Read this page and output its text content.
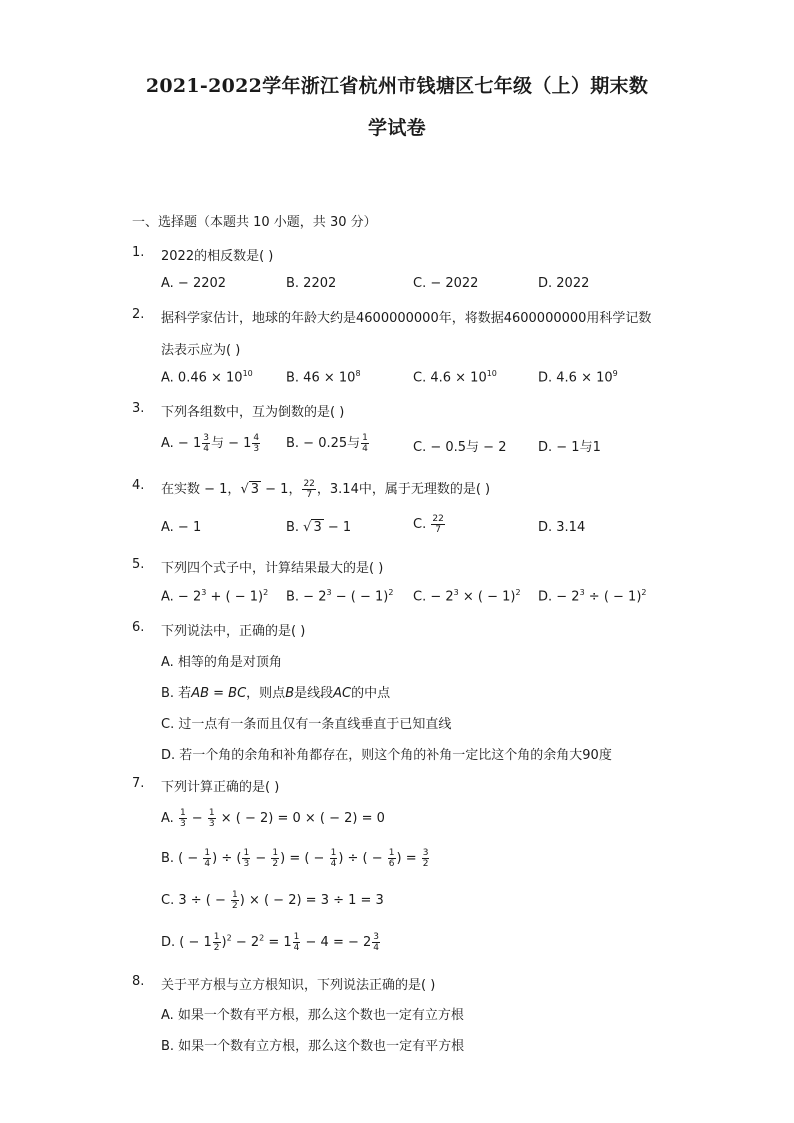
2021-2022学年浙江省杭州市钱塘区七年级（上）期末数
学试卷
一、选择题（本题共 10 小题，共 30 分）
1.	2022的相反数是( )
A. − 2202	B. 2202	C. − 2022	D. 2022
2.	据科学家估计，地球的年龄大约是4600000000年，将数据4600000000用科学记数
法表示应为( )
A. $0.46 \times 10^{10}$	B. $46 \times 10^8$	C. $4.6 \times 10^{10}$	D. $4.6 \times 10^9$
3.	下列各组数中，互为倒数的是( )
A. − $1 \frac{3}{4}$ 与 − $1 \frac{4}{3} B$. − 0.25与 $\frac{1}{4}$	C. − 0.5与 − 2 D. − 1与1
4.	在实数 − 1，√ 3 − 1， $\frac{22}{7}$ ，3.14中，属于无理数的是( )
A. − 1	B. √ 3 − 1	C. $\frac{22}{7}$	D. 3.14
5.	下列四个式子中，计算结果最大的是( )
A. − $2^3$ + ( − 1)$^2$ B. − $2^3$ − ( − 1)$^2$ C. − $2^3$ × ( − 1)$^2$ D. − $2^3$ ÷ ( − 1)$^2$
6.	下列说法中，正确的是( )
A. 相等的角是对顶角
B. 若AB = BC，则点B是线段AC的中点
C. 过一点有一条而且仅有一条直线垂直于已知直线
D. 若一个角的余角和补角都存在，则这个角的补角一定比这个角的余角大90度
7.	下列计算正确的是( )
A. $\frac{1}{3} - \frac{1}{3}$ × ( − 2) = 0 × ( − 2) = 0
B. ( − $\frac{1}{4}$ ) ÷ ( $\frac{1}{3} - \frac{1}{2}$ ) = ( − $\frac{1}{4}$ ) ÷ ( − $\frac{1}{6}$ ) = $\frac{3}{2}$
C. 3 ÷ ( − $\frac{1}{2}$ ) × ( − 2) = 3 ÷ 1 = 3
D. ( − $1 \frac{1}{2} )^2 - 2^2 = 1 \frac{1}{4} - 4$ = − $2 \frac{3}{4}$
8.	关于平方根与立方根知识，下列说法正确的是( )
A. 如果一个数有平方根，那么这个数也一定有立方根
B. 如果一个数有立方根，那么这个数也一定有平方根
